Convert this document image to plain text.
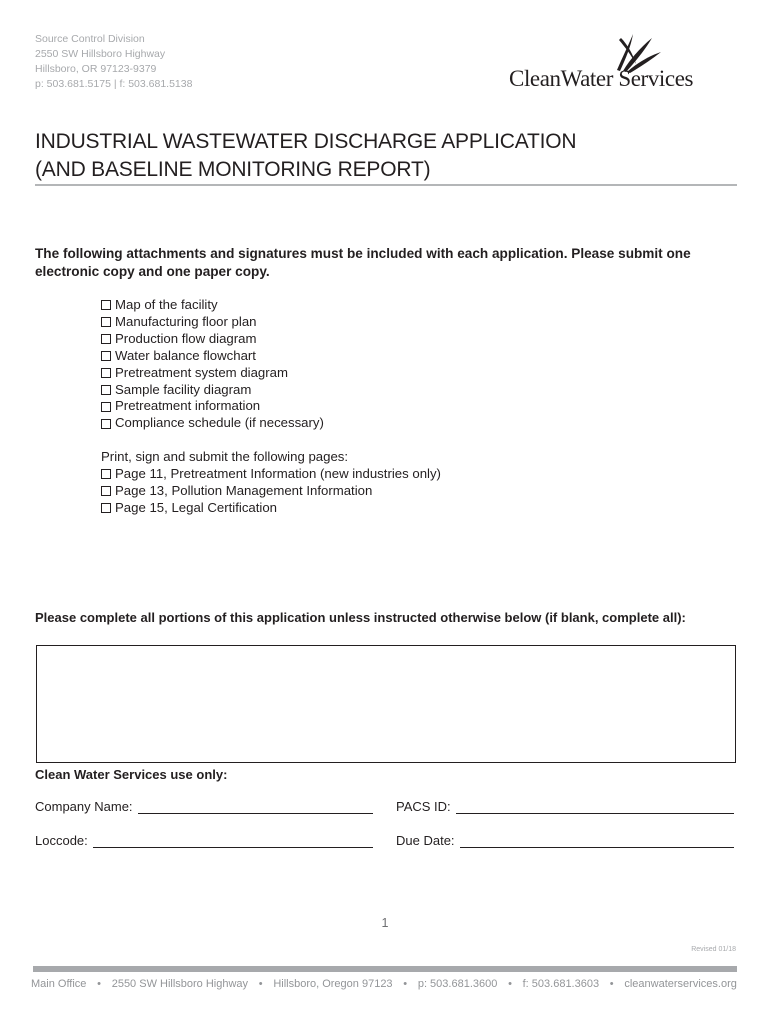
Source Control Division
2550 SW Hillsboro Highway
Hillsboro, OR 97123-9379
p: 503.681.5175 | f: 503.681.5138	CleanWater Services
INDUSTRIAL WASTEWATER DISCHARGE APPLICATION
(AND BASELINE MONITORING REPORT)
The following attachments and signatures must be included with each application. Please submit one electronic copy and one paper copy.
Map of the facility
Manufacturing floor plan
Production flow diagram
Water balance flowchart
Pretreatment system diagram
Sample facility diagram
Pretreatment information
Compliance schedule (if necessary)
Print, sign and submit the following pages:
Page 11, Pretreatment Information (new industries only)
Page 13, Pollution Management Information
Page 15, Legal Certification
Please complete all portions of this application unless instructed otherwise below (if blank, complete all):
Clean Water Services use only:
Company Name:	PACS ID:
Loccode:	Due Date:
1
Revised 01/18
Main Office • 2550 SW Hillsboro Highway • Hillsboro, Oregon 97123 • p: 503.681.3600 • f: 503.681.3603 • cleanwaterservices.org
